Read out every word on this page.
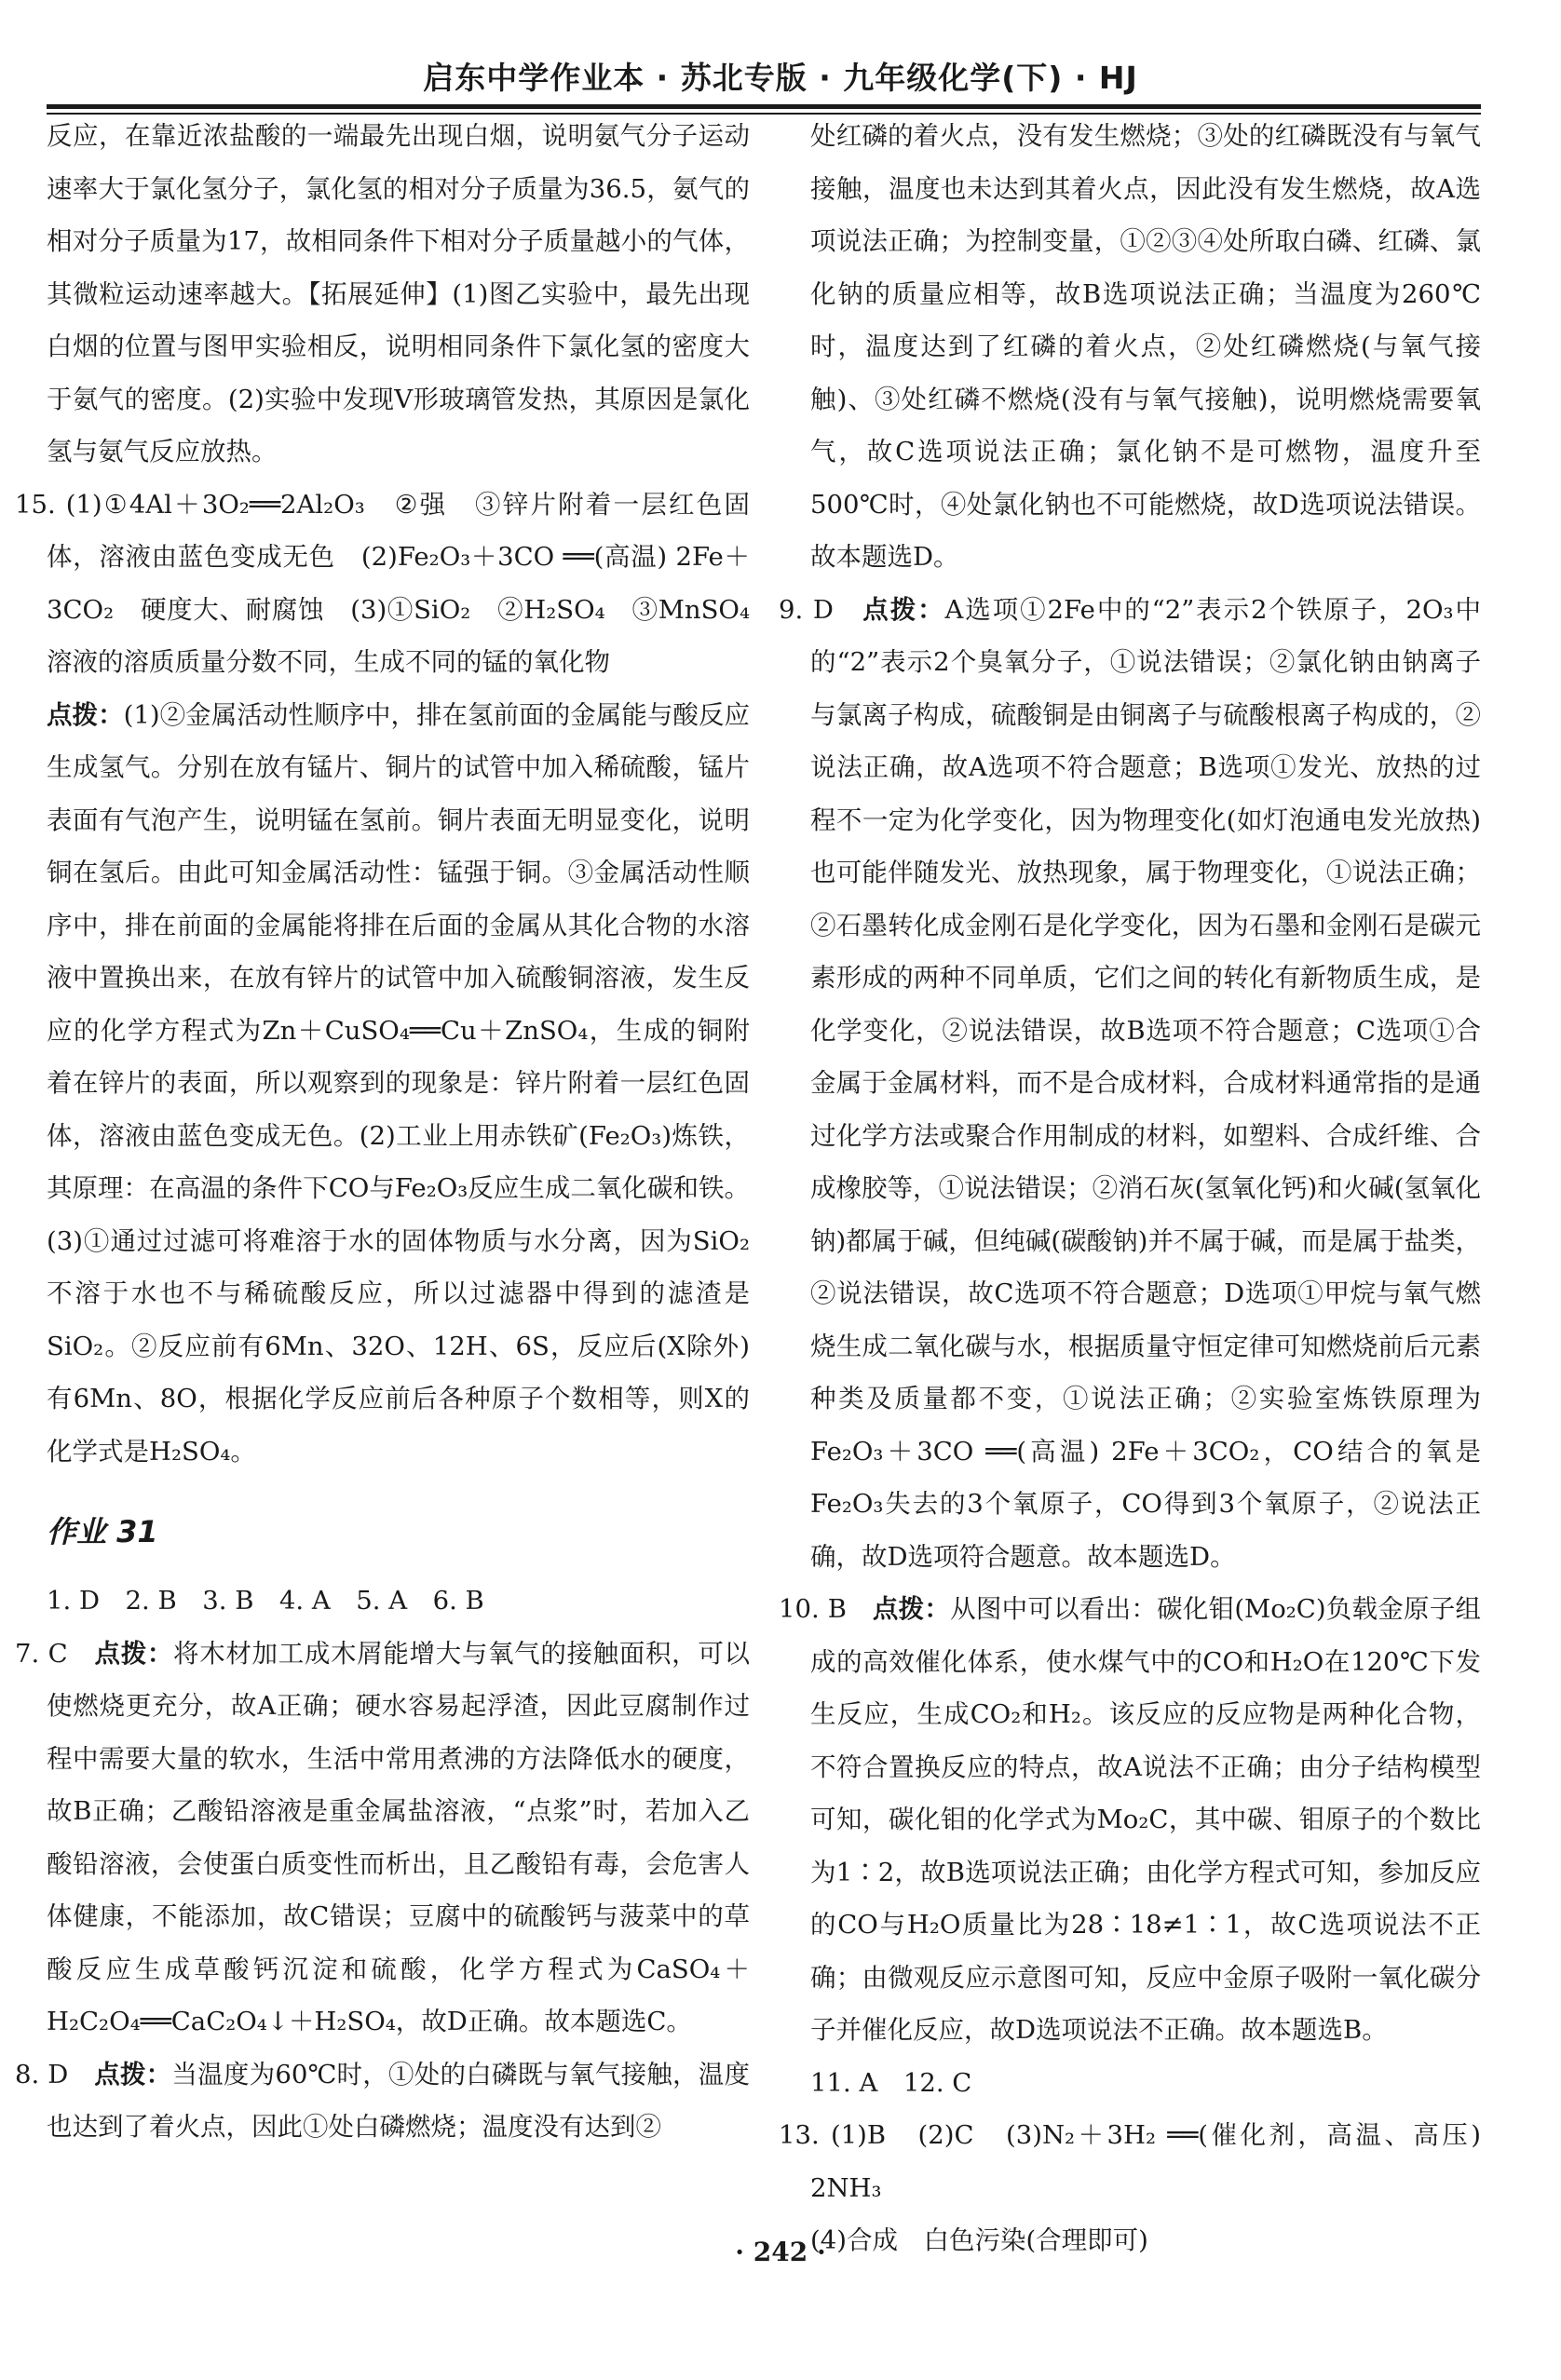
启东中学作业本 · 苏北专版 · 九年级化学(下) · HJ

反应，在靠近浓盐酸的一端最先出现白烟，说明氨气分子运动速率大于氯化氢分子，氯化氢的相对分子质量为36.5，氨气的相对分子质量为17，故相同条件下相对分子质量越小的气体，其微粒运动速率越大。【拓展延伸】(1)图乙实验中，最先出现白烟的位置与图甲实验相反，说明相同条件下氯化氢的密度大于氨气的密度。(2)实验中发现V形玻璃管发热，其原因是氯化氢与氨气反应放热。

15. (1)①4Al＋3O₂══2Al₂O₃　②强　③锌片附着一层红色固体，溶液由蓝色变成无色　(2)Fe₂O₃＋3CO ══(高温) 2Fe＋3CO₂　硬度大、耐腐蚀　(3)①SiO₂　②H₂SO₄　③MnSO₄溶液的溶质质量分数不同，生成不同的锰的氧化物

点拨：(1)②金属活动性顺序中，排在氢前面的金属能与酸反应生成氢气。分别在放有锰片、铜片的试管中加入稀硫酸，锰片表面有气泡产生，说明锰在氢前。铜片表面无明显变化，说明铜在氢后。由此可知金属活动性：锰强于铜。③金属活动性顺序中，排在前面的金属能将排在后面的金属从其化合物的水溶液中置换出来，在放有锌片的试管中加入硫酸铜溶液，发生反应的化学方程式为Zn＋CuSO₄══Cu＋ZnSO₄，生成的铜附着在锌片的表面，所以观察到的现象是：锌片附着一层红色固体，溶液由蓝色变成无色。(2)工业上用赤铁矿(Fe₂O₃)炼铁，其原理：在高温的条件下CO与Fe₂O₃反应生成二氧化碳和铁。(3)①通过过滤可将难溶于水的固体物质与水分离，因为SiO₂不溶于水也不与稀硫酸反应，所以过滤器中得到的滤渣是SiO₂。②反应前有6Mn、32O、12H、6S，反应后(X除外)有6Mn、8O，根据化学反应前后各种原子个数相等，则X的化学式是H₂SO₄。

作业 31

1. D　2. B　3. B　4. A　5. A　6. B

7. C　点拨：将木材加工成木屑能增大与氧气的接触面积，可以使燃烧更充分，故A正确；硬水容易起浮渣，因此豆腐制作过程中需要大量的软水，生活中常用煮沸的方法降低水的硬度，故B正确；乙酸铅溶液是重金属盐溶液，“点浆”时，若加入乙酸铅溶液，会使蛋白质变性而析出，且乙酸铅有毒，会危害人体健康，不能添加，故C错误；豆腐中的硫酸钙与菠菜中的草酸反应生成草酸钙沉淀和硫酸，化学方程式为CaSO₄＋H₂C₂O₄══CaC₂O₄↓＋H₂SO₄，故D正确。故本题选C。

8. D　点拨：当温度为60℃时，①处的白磷既与氧气接触，温度也达到了着火点，因此①处白磷燃烧；温度没有达到②

处红磷的着火点，没有发生燃烧；③处的红磷既没有与氧气接触，温度也未达到其着火点，因此没有发生燃烧，故A选项说法正确；为控制变量，①②③④处所取白磷、红磷、氯化钠的质量应相等，故B选项说法正确；当温度为260℃时，温度达到了红磷的着火点，②处红磷燃烧(与氧气接触)、③处红磷不燃烧(没有与氧气接触)，说明燃烧需要氧气，故C选项说法正确；氯化钠不是可燃物，温度升至500℃时，④处氯化钠也不可能燃烧，故D选项说法错误。故本题选D。

9. D　点拨：A选项①2Fe中的“2”表示2个铁原子，2O₃中的“2”表示2个臭氧分子，①说法错误；②氯化钠由钠离子与氯离子构成，硫酸铜是由铜离子与硫酸根离子构成的，②说法正确，故A选项不符合题意；B选项①发光、放热的过程不一定为化学变化，因为物理变化(如灯泡通电发光放热)也可能伴随发光、放热现象，属于物理变化，①说法正确；②石墨转化成金刚石是化学变化，因为石墨和金刚石是碳元素形成的两种不同单质，它们之间的转化有新物质生成，是化学变化，②说法错误，故B选项不符合题意；C选项①合金属于金属材料，而不是合成材料，合成材料通常指的是通过化学方法或聚合作用制成的材料，如塑料、合成纤维、合成橡胶等，①说法错误；②消石灰(氢氧化钙)和火碱(氢氧化钠)都属于碱，但纯碱(碳酸钠)并不属于碱，而是属于盐类，②说法错误，故C选项不符合题意；D选项①甲烷与氧气燃烧生成二氧化碳与水，根据质量守恒定律可知燃烧前后元素种类及质量都不变，①说法正确；②实验室炼铁原理为Fe₂O₃＋3CO ══(高温) 2Fe＋3CO₂，CO结合的氧是Fe₂O₃失去的3个氧原子，CO得到3个氧原子，②说法正确，故D选项符合题意。故本题选D。

10. B　点拨：从图中可以看出：碳化钼(Mo₂C)负载金原子组成的高效催化体系，使水煤气中的CO和H₂O在120℃下发生反应，生成CO₂和H₂。该反应的反应物是两种化合物，不符合置换反应的特点，故A说法不正确；由分子结构模型可知，碳化钼的化学式为Mo₂C，其中碳、钼原子的个数比为1∶2，故B选项说法正确；由化学方程式可知，参加反应的CO与H₂O质量比为28∶18≠1∶1，故C选项说法不正确；由微观反应示意图可知，反应中金原子吸附一氧化碳分子并催化反应，故D选项说法不正确。故本题选B。

11. A　12. C

13. (1)B　(2)C　(3)N₂＋3H₂ ══(催化剂，高温、高压) 2NH₃

(4)合成　白色污染(合理即可)

· 242 ·
